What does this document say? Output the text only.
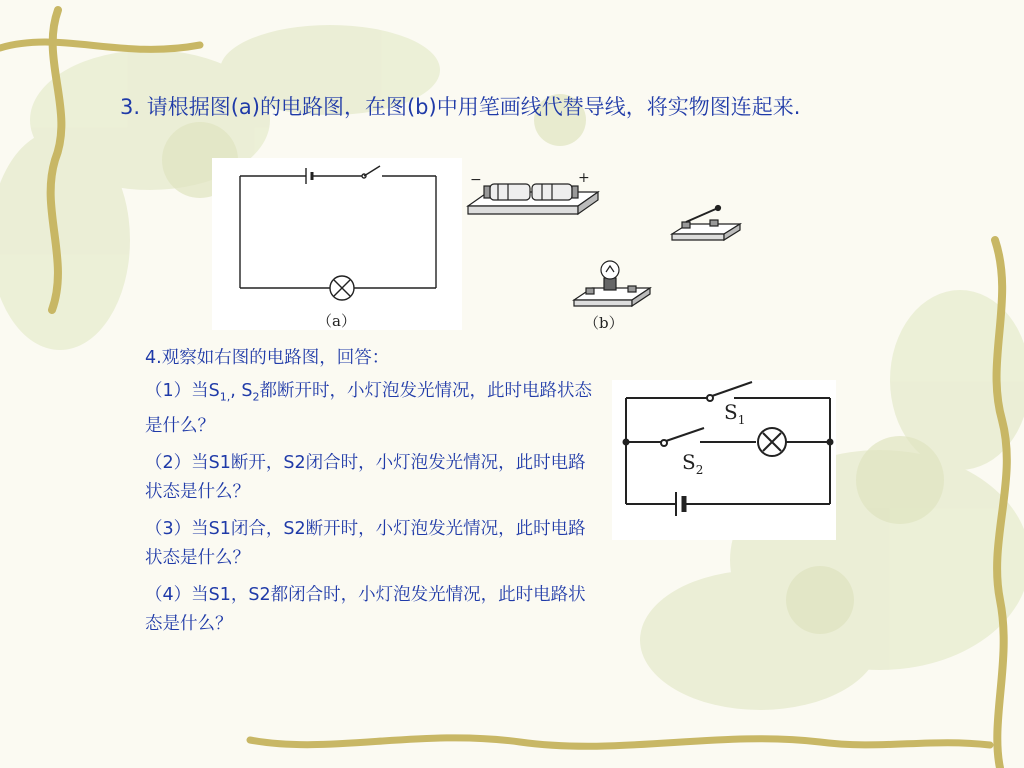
3. 请根据图(a)的电路图，在图(b)中用笔画线代替导线，将实物图连起来.

（a）
−	+
（b）

4.观察如右图的电路图，回答：

（1）当$S_{1,}$, $S_2$都断开时，小灯泡发光情况，此时电路状态是什么？

（2）当S1断开，S2闭合时，小灯泡发光情况，此时电路状态是什么？

（3）当S1闭合，S2断开时，小灯泡发光情况，此时电路状态是什么？

（4）当S1，S2都闭合时，小灯泡发光情况，此时电路状态是什么？

$S_1$
$S_2$
